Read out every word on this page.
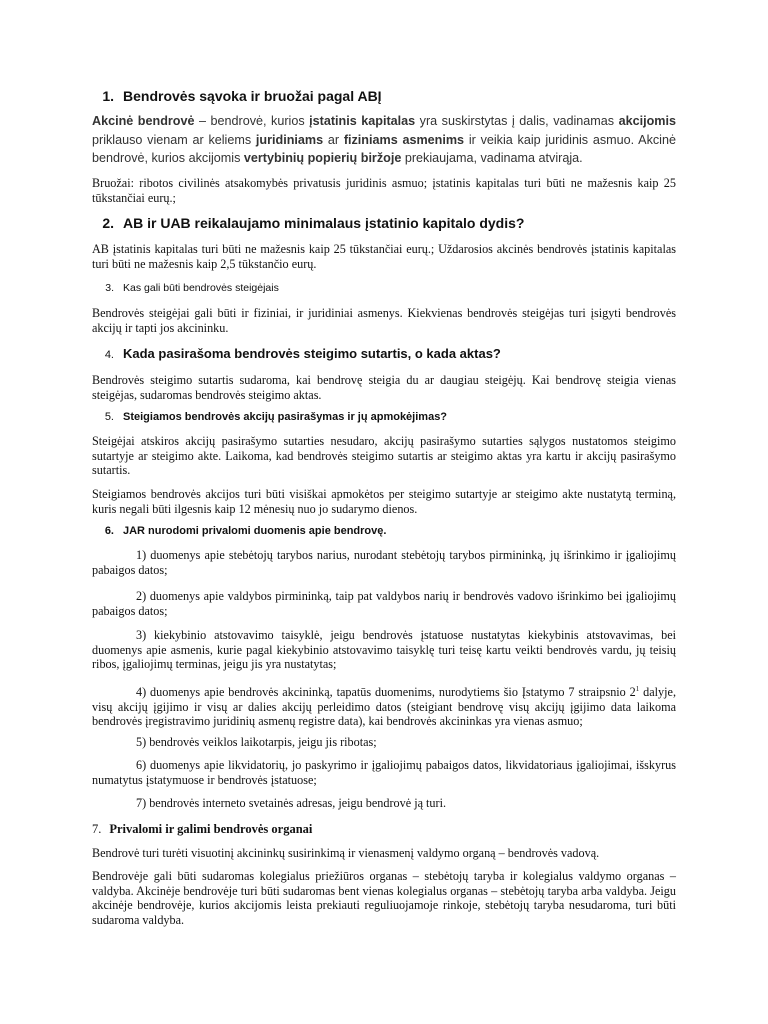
1. Bendrovės sąvoka ir bruožai pagal ABĮ

Akcinė bendrovė – bendrovė, kurios įstatinis kapitalas yra suskirstytas į dalis, vadinamas akcijomis priklauso vienam ar keliems juridiniams ar fiziniams asmenims ir veikia kaip juridinis asmuo. Akcinė bendrovė, kurios akcijomis vertybinių popierių biržoje prekiaujama, vadinama atvirąja.

Bruožai: ribotos civilinės atsakomybės privatusis juridinis asmuo; įstatinis kapitalas turi būti ne mažesnis kaip 25 tūkstančiai eurų.;

2. AB ir UAB reikalaujamo minimalaus įstatinio kapitalo dydis?

AB įstatinis kapitalas turi būti ne mažesnis kaip 25 tūkstančiai eurų.; Uždarosios akcinės bendrovės įstatinis kapitalas turi būti ne mažesnis kaip 2,5 tūkstančio eurų.

3. Kas gali būti bendrovės steigėjais

Bendrovės steigėjai gali būti ir fiziniai, ir juridiniai asmenys. Kiekvienas bendrovės steigėjas turi įsigyti bendrovės akcijų ir tapti jos akcininku.

4. Kada pasirašoma bendrovės steigimo sutartis, o kada aktas?

Bendrovės steigimo sutartis sudaroma, kai bendrovę steigia du ar daugiau steigėjų. Kai bendrovę steigia vienas steigėjas, sudaromas bendrovės steigimo aktas.

5. Steigiamos bendrovės akcijų pasirašymas ir jų apmokėjimas?

Steigėjai atskiros akcijų pasirašymo sutarties nesudaro, akcijų pasirašymo sutarties sąlygos nustatomos steigimo sutartyje ar steigimo akte. Laikoma, kad bendrovės steigimo sutartis ar steigimo aktas yra kartu ir akcijų pasirašymo sutartis.

Steigiamos bendrovės akcijos turi būti visiškai apmokėtos per steigimo sutartyje ar steigimo akte nustatytą terminą, kuris negali būti ilgesnis kaip 12 mėnesių nuo jo sudarymo dienos.

6. JAR nurodomi privalomi duomenis apie bendrovę.

1) duomenys apie stebėtojų tarybos narius, nurodant stebėtojų tarybos pirmininką, jų išrinkimo ir įgaliojimų pabaigos datos;

2) duomenys apie valdybos pirmininką, taip pat valdybos narių ir bendrovės vadovo išrinkimo bei įgaliojimų pabaigos datos;

3) kiekybinio atstovavimo taisyklė, jeigu bendrovės įstatuose nustatytas kiekybinis atstovavimas, bei duomenys apie asmenis, kurie pagal kiekybinio atstovavimo taisyklę turi teisę kartu veikti bendrovės vardu, jų teisių ribos, įgaliojimų terminas, jeigu jis yra nustatytas;

4) duomenys apie bendrovės akcininką, tapatūs duomenims, nurodytiems šio Įstatymo 7 straipsnio $2^1$ dalyje, visų akcijų įgijimo ir visų ar dalies akcijų perleidimo datos (steigiant bendrovę visų akcijų įgijimo data laikoma bendrovės įregistravimo juridinių asmenų registre data), kai bendrovės akcininkas yra vienas asmuo;

5) bendrovės veiklos laikotarpis, jeigu jis ribotas;

6) duomenys apie likvidatorių, jo paskyrimo ir įgaliojimų pabaigos datos, likvidatoriaus įgaliojimai, išskyrus numatytus įstatymuose ir bendrovės įstatuose;

7) bendrovės interneto svetainės adresas, jeigu bendrovė ją turi.

7. Privalomi ir galimi bendrovės organai

Bendrovė turi turėti visuotinį akcininkų susirinkimą ir vienasmenį valdymo organą – bendrovės vadovą.

Bendrovėje gali būti sudaromas kolegialus priežiūros organas – stebėtojų taryba ir kolegialus valdymo organas – valdyba. Akcinėje bendrovėje turi būti sudaromas bent vienas kolegialus organas – stebėtojų taryba arba valdyba. Jeigu akcinėje bendrovėje, kurios akcijomis leista prekiauti reguliuojamoje rinkoje, stebėtojų taryba nesudaroma, turi būti sudaroma valdyba.
